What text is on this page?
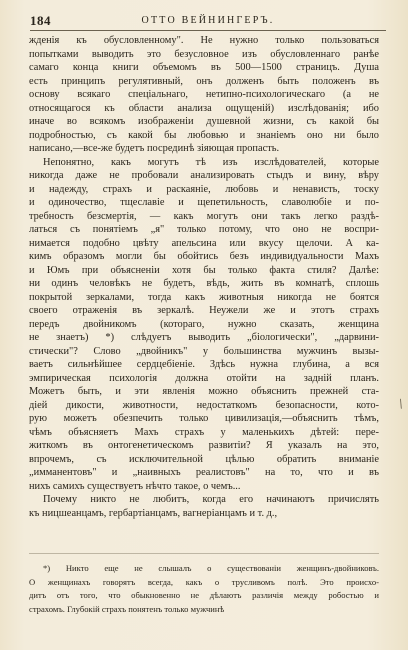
184	ОТТО ВЕЙНИНГЕРЪ.
жденія къ обусловленному". Не нужно только пользоваться
попытками выводить это безусловное изъ обусловленнаго ранѣе
самаго конца книги объемомъ въ 500—1500 страницъ. Душа
есть принципъ регулятивный, онъ долженъ быть положенъ въ
основу всякаго спеціальнаго, нетипно-психологическаго (а не
относящагося къ области анализа ощущеній) изслѣдованія; ибо
иначе во всякомъ изображеніи душевной жизни, съ какой бы
подробностью, съ какой бы любовью и знаніемъ оно ни было
написано,—все-же будетъ посрединѣ зіяющая пропасть.
Непонятно, какъ могутъ тѣ изъ изслѣдователей, которые
никогда даже не пробовали анализировать стыдъ и вину, вѣру
и надежду, страхъ и раскаяніе, любовь и ненависть, тоску
и одиночество, тщеславіе и щепетильность, славолюбіе и по-
требность безсмертія, — какъ могутъ они такъ легко раздѣ-
латься съ понятіемъ „я" только потому, что оно не воспри-
нимается подобно цвѣту апельсина или вкусу щелочи. А ка-
кимъ образомъ могли бы обойтись безъ индивидуальности Махъ
и Юмъ при объясненіи хотя бы только факта стиля? Далѣе:
ни одинъ человѣкъ не будетъ, вѣдь, жить въ комнатѣ, сплошь
покрытой зеркалами, тогда какъ животныя никогда не боятся
своего отраженія въ зеркалѣ. Неужели же и этотъ страхъ
передъ двойникомъ (котораго, нужно сказать, женщина
не знаетъ) *) слѣдуетъ выводить „біологически", „дарвини-
стически"? Слово „двойникъ" у большинства мужчинъ вызы-
ваетъ сильнѣйшее сердцебіеніе. Здѣсь нужна глубина, а вся
эмпирическая психологія должна отойти на задній планъ.
Можетъ быть, и эти явленія можно объяснить прежней ста-
діей дикости, животности, недостаткомъ безопасности, кото-
рую можетъ обезпечить только цивилизація,—объяснить тѣмъ,
чѣмъ объясняетъ Махъ страхъ у маленькихъ дѣтей: пере-
житкомъ въ онтогенетическомъ развитіи? Я указалъ на это,
впрочемъ, съ исключительной цѣлью обратить вниманіе
„имманентовъ" и „наивныхъ реалистовъ" на то, что и въ
нихъ самихъ существуетъ нѣчто такое, о чемъ...
Почему никто не любитъ, когда его начинаютъ причислять
къ ницшеанцамъ, гербартіанцамъ, вагнеріанцамъ и т. д.,
*) Никто еще не слышалъ о существованіи женщинъ-двойниковъ.
О женщинахъ говорятъ всегда, какъ о трусливомъ полѣ. Это происхо-
дитъ отъ того, что обыкновенно не дѣлаютъ различія между робостью и
страхомъ. Глубокій страхъ понятенъ только мужчинѣ
\
